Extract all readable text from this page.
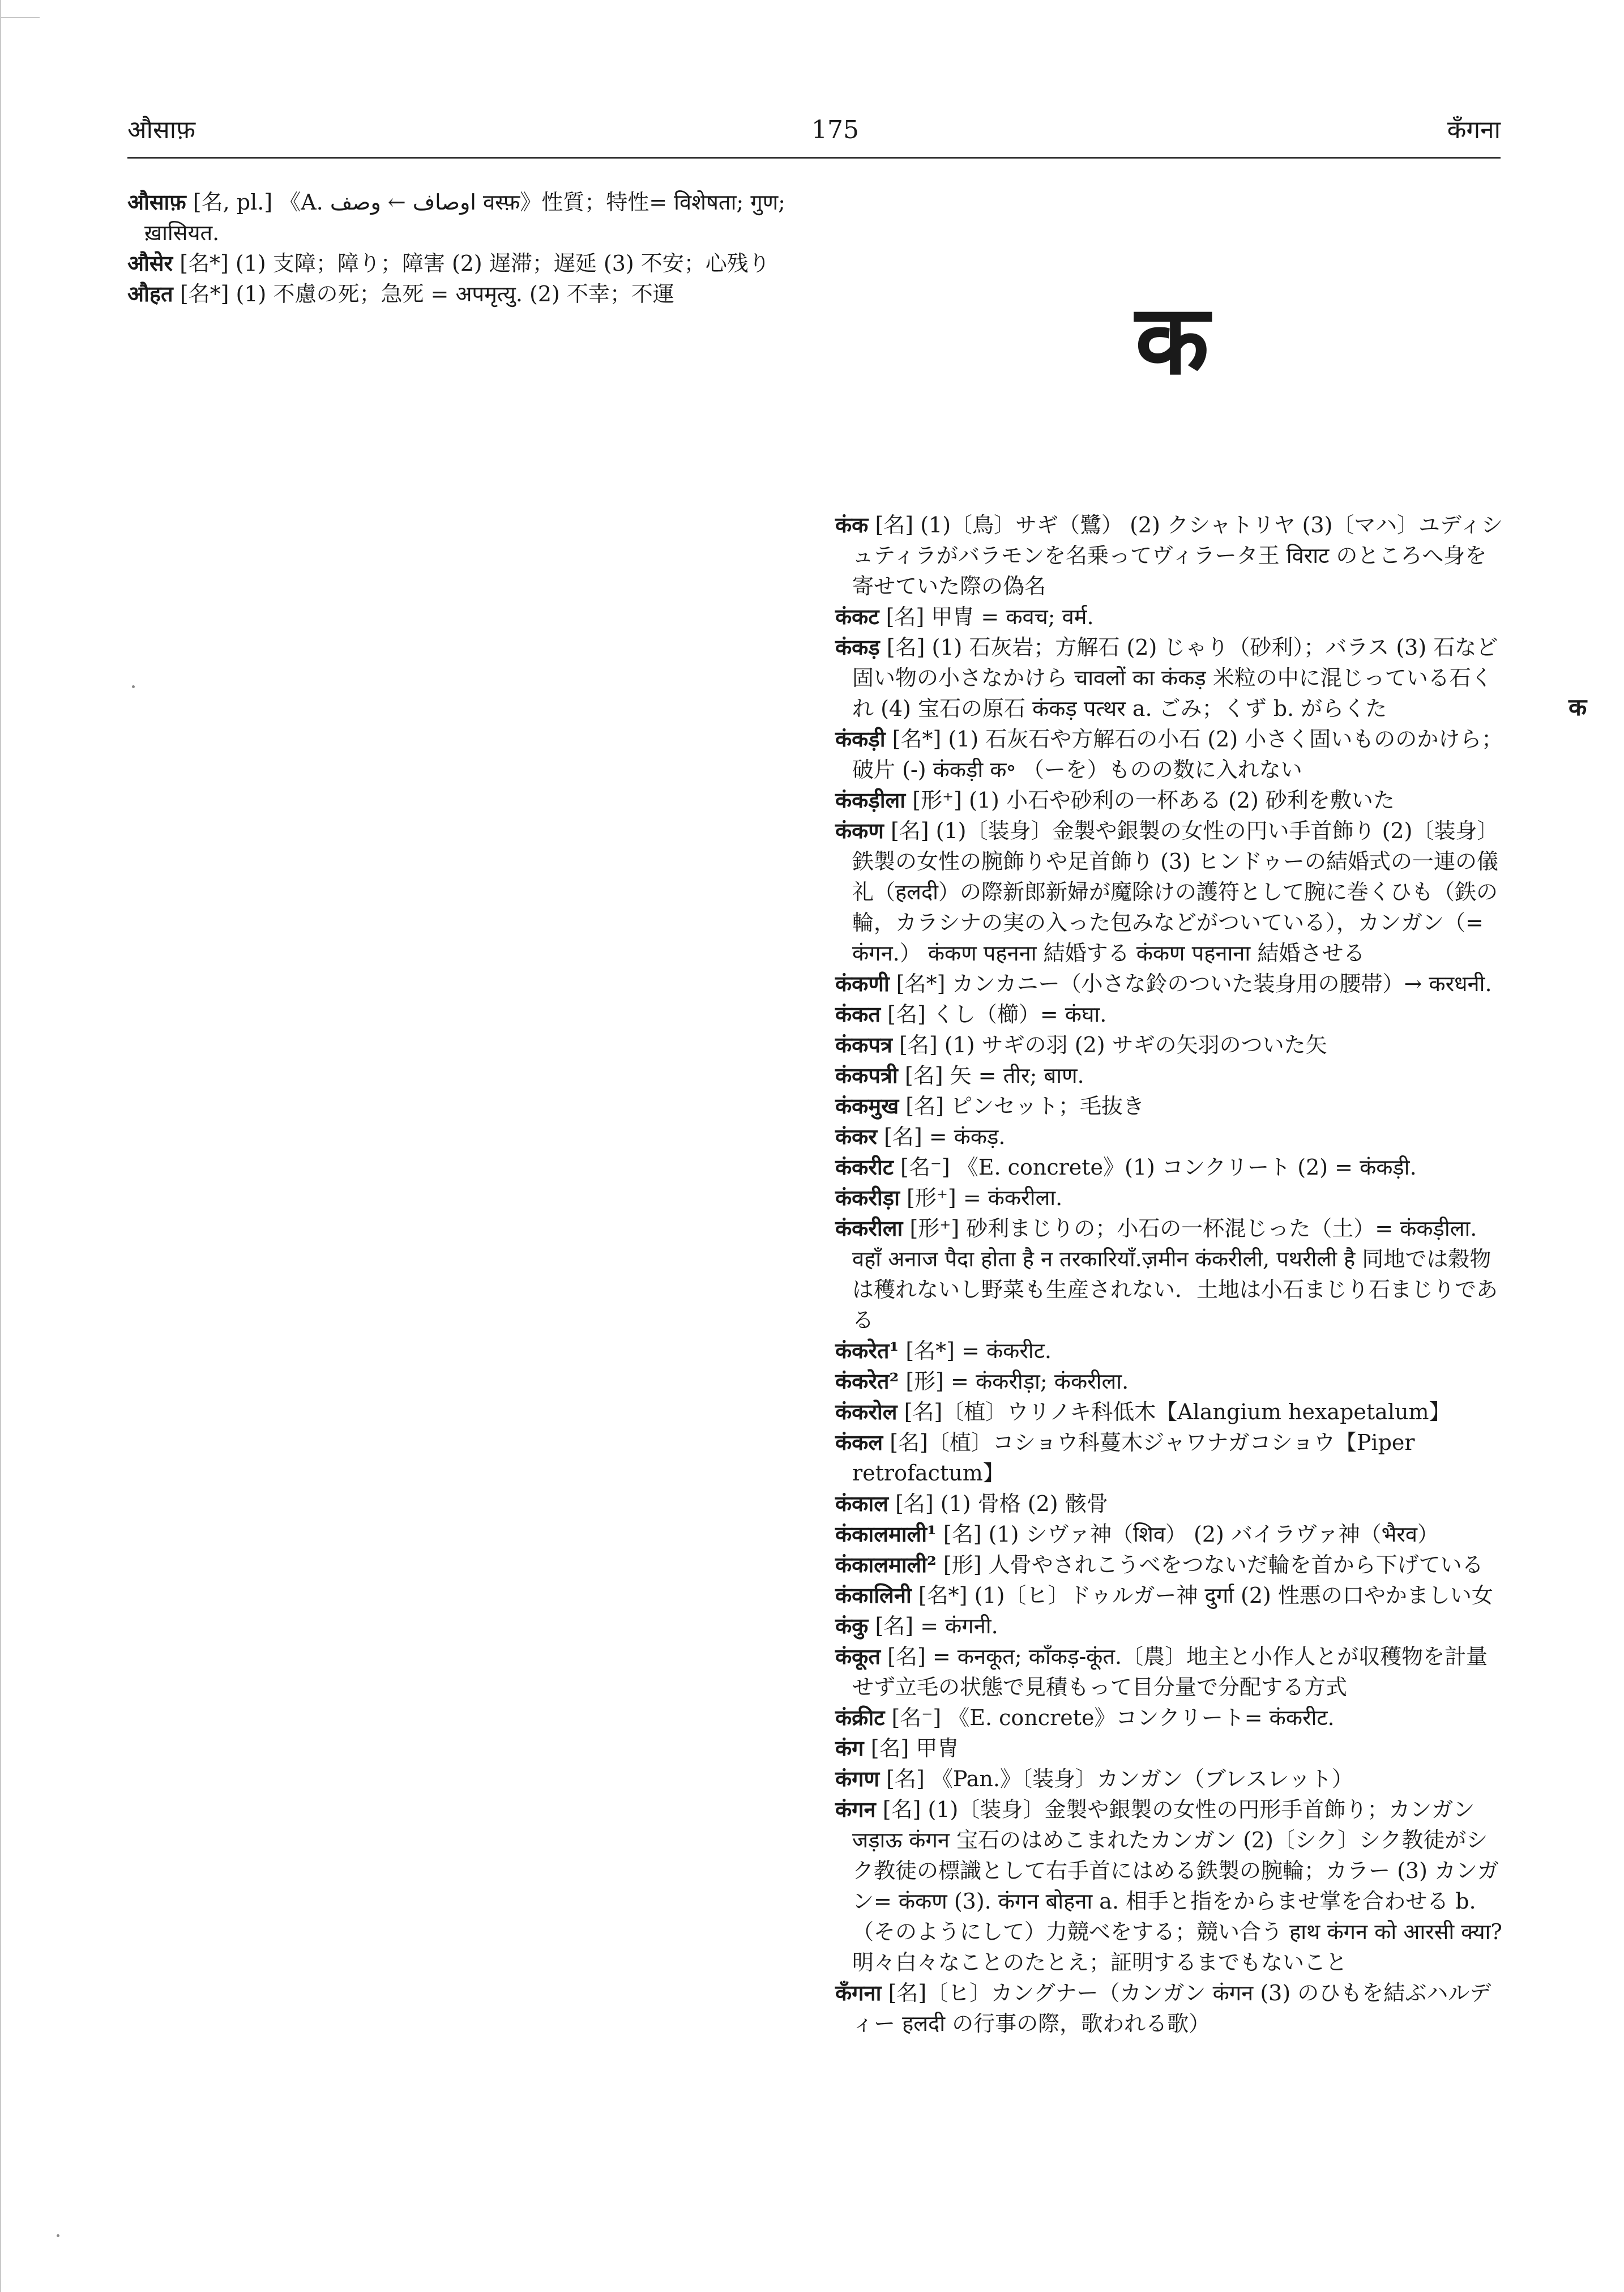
औसाफ़	175	कँगना

औसाफ़ [名, pl.] 《A. اوصاف ← وصف वस्फ़》性質；特性= विशेषता; गुण; ख़ासियत.

औसेर [名*] (1) 支障；障り；障害 (2) 遅滞；遅延 (3) 不安；心残り

औहत [名*] (1) 不慮の死；急死 = अपमृत्यु. (2) 不幸；不運	क
क

कंक [名] (1)〔鳥〕サギ（鷺） (2) クシャトリヤ (3)〔マハ〕ユディシュティラがバラモンを名乗ってヴィラータ王 विराट のところへ身を寄せていた際の偽名

कंकट [名] 甲冑 = कवच; वर्म.

कंकड़ [名] (1) 石灰岩；方解石 (2) じゃり（砂利）；バラス (3) 石など固い物の小さなかけら चावलों का कंकड़ 米粒の中に混じっている石くれ (4) 宝石の原石 कंकड़ पत्थर a. ごみ；くず b. がらくた

कंकड़ी [名*] (1) 石灰石や方解石の小石 (2) 小さく固いもののかけら；破片 (-) कंकड़ी क॰ （ーを）ものの数に入れない

कंकड़ीला [形⁺] (1) 小石や砂利の一杯ある (2) 砂利を敷いた

कंकण [名] (1)〔装身〕金製や銀製の女性の円い手首飾り (2)〔装身〕鉄製の女性の腕飾りや足首飾り (3) ヒンドゥーの結婚式の一連の儀礼（हलदी）の際新郎新婦が魔除けの護符として腕に巻くひも（鉄の輪，カラシナの実の入った包みなどがついている），カンガン（= कंगन.） कंकण पहनना 結婚する कंकण पहनाना 結婚させる

कंकणी [名*] カンカニー（小さな鈴のついた装身用の腰帯）→ करधनी.

कंकत [名] くし（櫛）= कंघा.

कंकपत्र [名] (1) サギの羽 (2) サギの矢羽のついた矢

कंकपत्री [名] 矢 = तीर; बाण.

कंकमुख [名] ピンセット；毛抜き

कंकर [名] = कंकड़.

कंकरीट [名⁻] 《E. concrete》(1) コンクリート (2) = कंकड़ी.

कंकरीड़ा [形⁺] = कंकरीला.

कंकरीला [形⁺] 砂利まじりの；小石の一杯混じった（土）= कंकड़ीला. वहाँ अनाज पैदा होता है न तरकारियाँ.ज़मीन कंकरीली, पथरीली है 同地では穀物は穫れないし野菜も生産されない．土地は小石まじり石まじりである

कंकरेत¹ [名*] = कंकरीट.

कंकरेत² [形] = कंकरीड़ा; कंकरीला.

कंकरोल [名]〔植〕ウリノキ科低木【Alangium hexapetalum】

कंकल [名]〔植〕コショウ科蔓木ジャワナガコショウ【Piper retrofactum】

कंकाल [名] (1) 骨格 (2) 骸骨

कंकालमाली¹ [名] (1) シヴァ神（शिव） (2) バイラヴァ神（भैरव）

कंकालमाली² [形] 人骨やされこうべをつないだ輪を首から下げている

कंकालिनी [名*] (1)〔ヒ〕ドゥルガー神 दुर्गा (2) 性悪の口やかましい女

कंकु [名] = कंगनी.

कंकूत [名] = कनकूत; काँकड़-कूंत.〔農〕地主と小作人とが収穫物を計量せず立毛の状態で見積もって目分量で分配する方式

कंक्रीट [名⁻] 《E. concrete》コンクリート= कंकरीट.

कंग [名] 甲冑

कंगण [名] 《Pan.》〔装身〕カンガン（ブレスレット）

कंगन [名] (1)〔装身〕金製や銀製の女性の円形手首飾り；カンガン जड़ाऊ कंगन 宝石のはめこまれたカンガン (2)〔シク〕シク教徒がシク教徒の標識として右手首にはめる鉄製の腕輪；カラー (3) カンガン= कंकण (3). कंगन बोहना a. 相手と指をからませ掌を合わせる b.（そのようにして）力競べをする；競い合う हाथ कंगन को आरसी क्या? 明々白々なことのたとえ；証明するまでもないこと

कँगना [名]〔ヒ〕カングナー（カンガン कंगन (3) のひもを結ぶハルディー हलदी の行事の際，歌われる歌）
